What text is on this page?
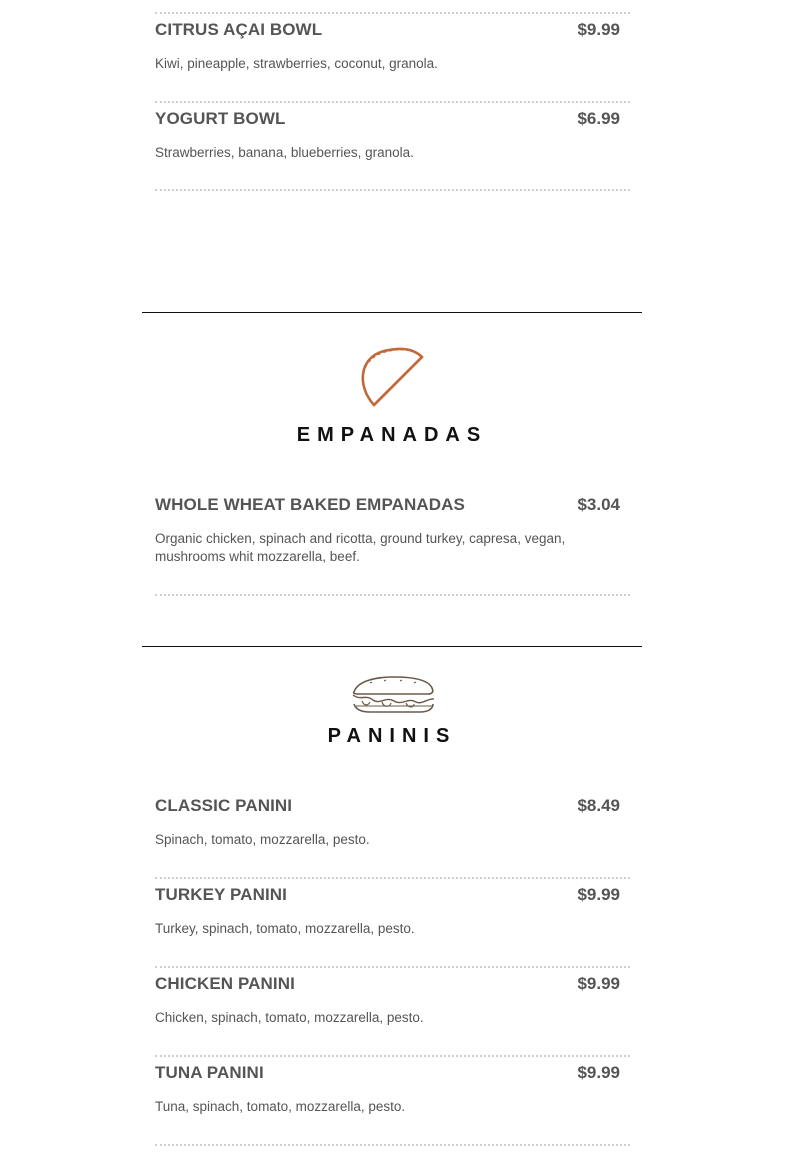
CITRUS AÇAI BOWL	$9.99
Kiwi, pineapple, strawberries, coconut, granola.
YOGURT BOWL	$6.99
Strawberries, banana, blueberries, granola.
EMPANADAS
WHOLE WHEAT BAKED EMPANADAS	$3.04
Organic chicken, spinach and ricotta, ground turkey, capresa, vegan, mushrooms whit mozzarella, beef.
PANINIS
CLASSIC PANINI	$8.49
Spinach, tomato, mozzarella, pesto.
TURKEY PANINI	$9.99
Turkey, spinach, tomato, mozzarella, pesto.
CHICKEN PANINI	$9.99
Chicken, spinach, tomato, mozzarella, pesto.
TUNA PANINI	$9.99
Tuna, spinach, tomato, mozzarella, pesto.
